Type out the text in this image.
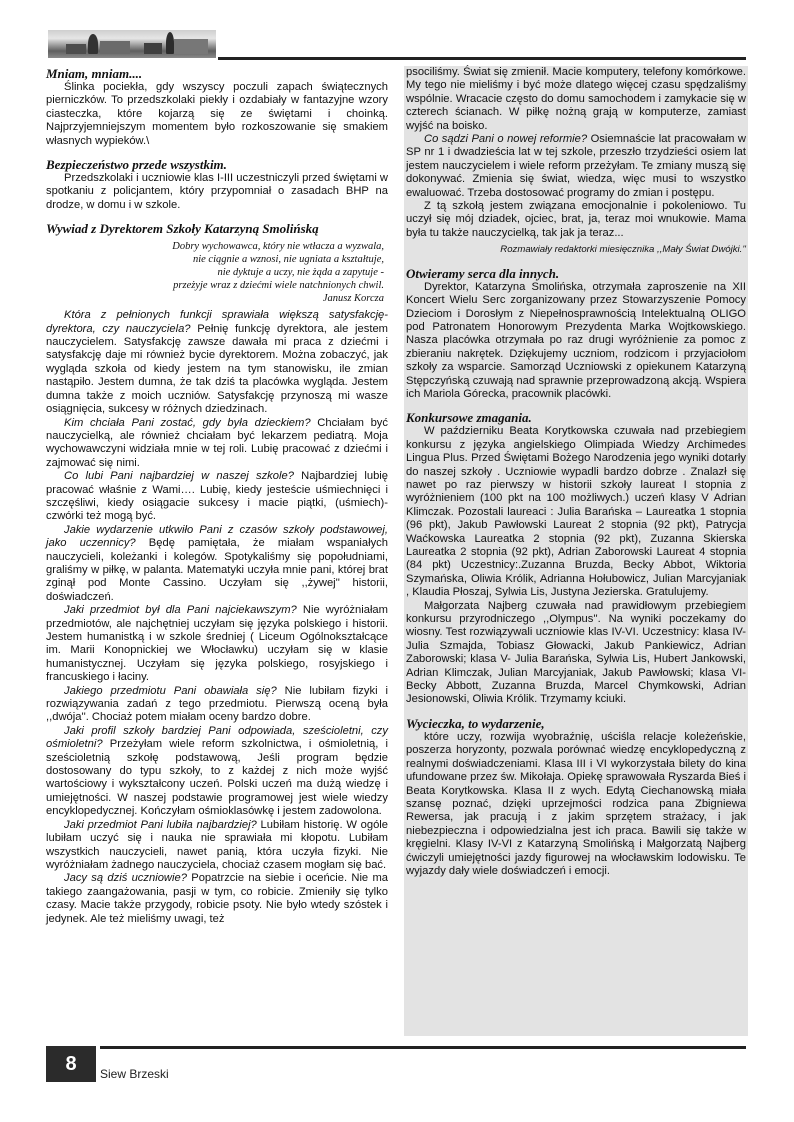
Mniam, mniam....

Ślinka pociekła, gdy wszyscy poczuli zapach świątecznych pierniczków. To przedszkolaki piekły i ozdabiały w fantazyjne wzory ciasteczka, które kojarzą się ze świętami i choinką. Najprzyjemniejszym momentem było rozkoszowanie się smakiem własnych wypieków.\

Bezpieczeństwo przede wszystkim.

Przedszkolaki i uczniowie klas I-III uczestniczyli przed świętami w spotkaniu z policjantem, który przypomniał o zasadach BHP na drodze, w domu i w szkole.

Wywiad z Dyrektorem Szkoły Katarzyną Smolińską
Dobry wychowawca, który nie wtłacza a wyzwala,
nie ciągnie a wznosi, nie ugniata a kształtuje,
nie dyktuje a uczy, nie żąda a zapytuje -
przeżyje wraz z dziećmi wiele natchnionych chwil.
Janusz Korcza

Która z pełnionych funkcji sprawiała większą satysfakcję- dyrektora, czy nauczyciela? Pełnię funkcję dyrektora, ale jestem nauczycielem. Satysfakcję zawsze dawała mi praca z dziećmi i satysfakcję daje mi również bycie dyrektorem. Można zobaczyć, jak wygląda szkoła od kiedy jestem na tym stanowisku, ile zmian nastąpiło. Jestem dumna, że tak dziś ta placówka wygląda. Jestem dumna także z moich uczniów. Satysfakcję przynoszą mi wasze osiągnięcia, sukcesy w różnych dziedzinach.

Kim chciała Pani zostać, gdy była dzieckiem? Chciałam być nauczycielką, ale również chciałam być lekarzem pediatrą. Moja wychowawczyni widziała mnie w tej roli. Lubię pracować z dziećmi i zajmować się nimi.

Co lubi Pani najbardziej w naszej szkole? Najbardziej lubię pracować właśnie z Wami…. Lubię, kiedy jesteście uśmiechnięci i szczęśliwi, kiedy osiągacie sukcesy i macie piątki, (uśmiech)- czwórki też mogą być.

Jakie wydarzenie utkwiło Pani z czasów szkoły podstawowej, jako uczennicy? Będę pamiętała, że miałam wspaniałych nauczycieli, koleżanki i kolegów. Spotykaliśmy się popołudniami, graliśmy w piłkę, w palanta. Matematyki uczyła mnie pani, której brat zginął pod Monte Cassino. Uczyłam się ,,żywej'' historii, doświadczeń.

Jaki przedmiot był dla Pani najciekawszym? Nie wyróżniałam przedmiotów, ale najchętniej uczyłam się języka polskiego i historii. Jestem humanistką i w szkole średniej ( Liceum Ogólnokształcące im. Marii Konopnickiej we Włocławku) uczyłam się w klasie humanistycznej. Uczyłam się języka polskiego, rosyjskiego i francuskiego i łaciny.

Jakiego przedmiotu Pani obawiała się? Nie lubiłam fizyki i rozwiązywania zadań z tego przedmiotu. Pierwszą oceną była ,,dwója''. Chociaż potem miałam oceny bardzo dobre.

Jaki profil szkoły bardziej Pani odpowiada, sześcioletni, czy ośmioletni? Przeżyłam wiele reform szkolnictwa, i ośmioletnią, i sześcioletnią szkołę podstawową, Jeśli program będzie dostosowany do typu szkoły, to z każdej z nich może wyjść wartościowy i wykształcony uczeń. Polski uczeń ma dużą wiedzę i umiejętności. W naszej podstawie programowej jest wiele wiedzy encyklopedycznej. Kończyłam ośmioklasówkę i jestem zadowolona.

Jaki przedmiot Pani lubiła najbardziej? Lubiłam historię. W ogóle lubiłam uczyć się i nauka nie sprawiała mi kłopotu. Lubiłam wszystkich nauczycieli, nawet panią, która uczyła fizyki. Nie wyróżniałam żadnego nauczyciela, chociaż czasem mogłam się bać.

Jacy są dziś uczniowie? Popatrzcie na siebie i oceńcie. Nie ma takiego zaangażowania, pasji w tym, co robicie. Zmieniły się tylko czasy. Macie także przygody, robicie psoty. Nie było wtedy szóstek i jedynek. Ale też mieliśmy uwagi, też

psociliśmy. Świat się zmienił. Macie komputery, telefony komórkowe. My tego nie mieliśmy i być może dlatego więcej czasu spędzaliśmy wspólnie. Wracacie często do domu samochodem i zamykacie się w czterech ścianach. W piłkę nożną grają w komputerze, zamiast wyjść na boisko.

Co sądzi Pani o nowej reformie? Osiemnaście lat pracowałam w SP nr 1 i dwadzieścia lat w tej szkole, przeszło trzydzieści osiem lat jestem nauczycielem i wiele reform przeżyłam. Te zmiany muszą się dokonywać. Zmienia się świat, wiedza, więc musi to wszystko ewaluować. Trzeba dostosować programy do zmian i postępu.

Z tą szkołą jestem związana emocjonalnie i pokoleniowo. Tu uczył się mój dziadek, ojciec, brat, ja, teraz moi wnukowie. Mama była tu także nauczycielką, tak jak ja teraz...

Rozmawiały redaktorki miesięcznika ,,Mały Świat Dwójki.''
Otwieramy serca dla innych.

Dyrektor, Katarzyna Smolińska, otrzymała zaproszenie na XII Koncert Wielu Serc zorganizowany przez Stowarzyszenie Pomocy Dzieciom i Dorosłym z Niepełnosprawnością Intelektualną OLIGO pod Patronatem Honorowym Prezydenta Marka Wojtkowskiego. Nasza placówka otrzymała po raz drugi wyróżnienie za pomoc z zbieraniu nakrętek. Dziękujemy uczniom, rodzicom i przyjaciołom szkoły za wsparcie. Samorząd Uczniowski z opiekunem Katarzyną Stępczyńską czuwają nad sprawnie przeprowadzoną akcją. Wspiera ich Mariola Górecka, pracownik placówki.

Konkursowe zmagania.

W październiku Beata Korytkowska czuwała nad przebiegiem konkursu z języka angielskiego Olimpiada Wiedzy Archimedes Lingua Plus. Przed Świętami Bożego Narodzenia jego wyniki dotarły do naszej szkoły . Uczniowie wypadli bardzo dobrze . Znalazł się nawet po raz pierwszy w historii szkoły laureat I stopnia z wyróżnieniem (100 pkt na 100 możliwych.) uczeń klasy V Adrian Klimczak. Pozostali laureaci : Julia Barańska – Laureatka 1 stopnia (96 pkt), Jakub Pawłowski Laureat 2 stopnia (92 pkt), Patrycja Waćkowska Laureatka 2 stopnia (92 pkt), Zuzanna Skierska Laureatka 2 stopnia (92 pkt), Adrian Zaborowski Laureat 4 stopnia (84 pkt) Uczestnicy:.Zuzanna Bruzda, Becky Abbot, Wiktoria Szymańska, Oliwia Królik, Adrianna Hołubowicz, Julian Marcyjaniak , Klaudia Płoszaj, Sylwia Lis, Justyna Jezierska. Gratulujemy.

Małgorzata Najberg czuwała nad prawidłowym przebiegiem konkursu przyrodniczego ,,Olympus''. Na wyniki poczekamy do wiosny. Test rozwiązywali uczniowie klas IV-VI. Uczestnicy: klasa IV- Julia Szmajda, Tobiasz Głowacki, Jakub Pankiewicz, Adrian Zaborowski; klasa V- Julia Barańska, Sylwia Lis, Hubert Jankowski, Adrian Klimczak, Julian Marcyjaniak, Jakub Pawłowski; klasa VI- Becky Abbott, Zuzanna Bruzda, Marcel Chymkowski, Adrian Jesionowski, Oliwia Królik. Trzymamy kciuki.

Wycieczka, to wydarzenie,

które uczy, rozwija wyobraźnię, uściśla relacje koleżeńskie, poszerza horyzonty, pozwala porównać wiedzę encyklopedyczną z realnymi doświadczeniami. Klasa III i VI wykorzystała bilety do kina ufundowane przez św. Mikołaja. Opiekę sprawowała Ryszarda Bieś i Beata Korytkowska. Klasa II z wych. Edytą Ciechanowską miała szansę poznać, dzięki uprzejmości rodzica pana Zbigniewa Rewersa, jak pracują i z jakim sprzętem strażacy, i jak niebezpieczna i odpowiedzialna jest ich praca. Bawili się także w kręgielni. Klasy IV-VI z Katarzyną Smolińską i Małgorzatą Najberg ćwiczyli umiejętności jazdy figurowej na włocławskim lodowisku. Te wyjazdy dały wiele doświadczeń i emocji.

8	Siew Brzeski
